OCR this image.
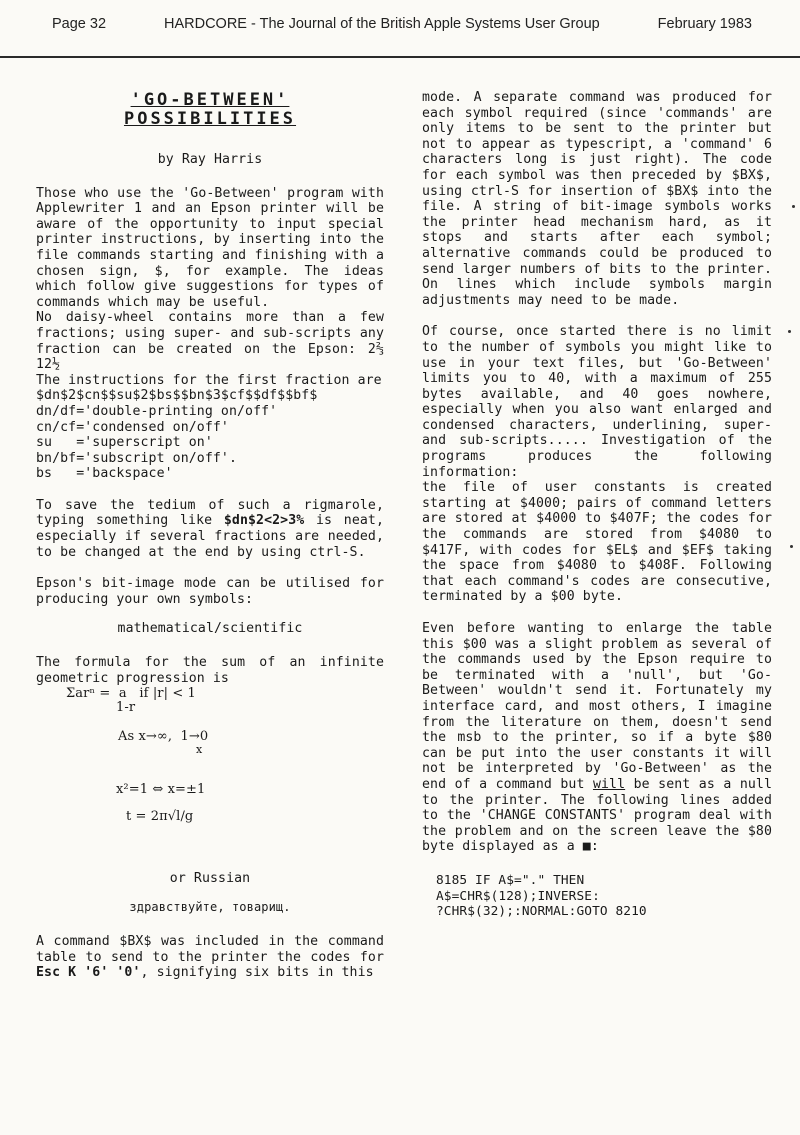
Page 32	HARDCORE - The Journal of the British Apple Systems User Group	February 1983
'GO-BETWEEN'
POSSIBILITIES
by Ray Harris

Those who use the 'Go-Between' program with Applewriter 1 and an Epson printer will be aware of the opportunity to input special printer instructions, by inserting into the file commands starting and finishing with a chosen sign, $, for example. The ideas which follow give suggestions for types of commands which may be useful.

No daisy-wheel contains more than a few fractions; using super- and sub-scripts any fraction can be created on the Epson: 2⅔ 12½

The instructions for the first fraction are

$dn$2$cn$$su$2$bs$$bn$3$cf$$df$$bf$
dn/df='double-printing on/off'
cn/cf='condensed on/off'
su   ='superscript on'
bn/bf='subscript on/off'.
bs   ='backspace'

To save the tedium of such a rigmarole, typing something like $dn$2<2>3% is neat, especially if several fractions are needed, to be changed at the end by using ctrl-S.

Epson's bit-image mode can be utilised for producing your own symbols:

mathematical/scientific

The formula for the sum of an infinite geometric progression is

Σarⁿ =  a   if |r| < 1
1-r
As x→∞,  1→0
x
x²=1 ⇔ x=±1
t = 2π√l/g
or Russian
здравствуйте, товарищ.

A command $BX$ was included in the command table to send to the printer the codes for Esc K '6' '0', signifying six bits in this

mode. A separate command was produced for each symbol required (since 'commands' are only items to be sent to the printer but not to appear as typescript, a 'command' 6 characters long is just right). The code for each symbol was then preceded by $BX$, using ctrl-S for insertion of $BX$ into the file. A string of bit-image symbols works the printer head mechanism hard, as it stops and starts after each symbol; alternative commands could be produced to send larger numbers of bits to the printer. On lines which include symbols margin adjustments may need to be made.

Of course, once started there is no limit to the number of symbols you might like to use in your text files, but 'Go-Between' limits you to 40, with a maximum of 255 bytes available, and 40 goes nowhere, especially when you also want enlarged and condensed characters, underlining, super- and sub-scripts..... Investigation of the programs produces the following information:

the file of user constants is created starting at $4000; pairs of command letters are stored at $4000 to $407F; the codes for the commands are stored from $4080 to $417F, with codes for $EL$ and $EF$ taking the space from $4080 to $408F. Following that each command's codes are consecutive, terminated by a $00 byte.

Even before wanting to enlarge the table this $00 was a slight problem as several of the commands used by the Epson require to be terminated with a 'null', but 'Go-Between' wouldn't send it. Fortunately my interface card, and most others, I imagine from the literature on them, doesn't send the msb to the printer, so if a byte $80 can be put into the user constants it will not be interpreted by 'Go-Between' as the end of a command but will be sent as a null to the printer. The following lines added to the 'CHANGE CONSTANTS' program deal with the problem and on the screen leave the $80 byte displayed as a ■:

8185 IF A$="." THEN
A$=CHR$(128);INVERSE:
?CHR$(32);:NORMAL:GOTO 8210
